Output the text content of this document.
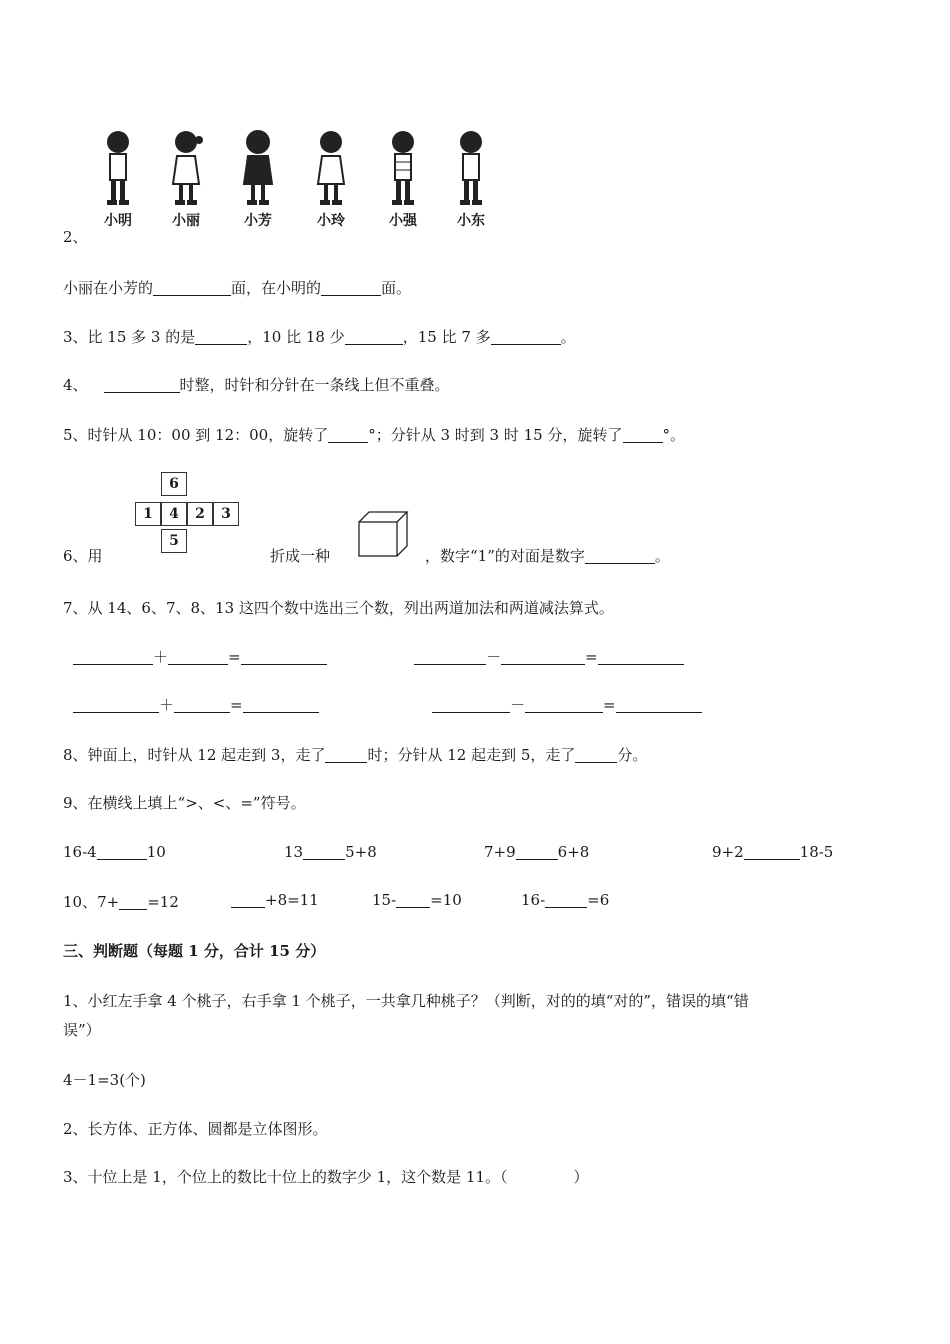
小明	小丽	小芳	小玲	小强	小东
2、
小丽在小芳的	面，在小明的	面。
3、比 15 多 3 的是	，10 比 18 少	，15 比 7 多	。
4、	时整，时针和分针在一条线上但不重叠。
5、时针从 10：00 到 12：00，旋转了	°；分针从 3 时到 3 时 15 分，旋转了	°。
6
1	4	2	3
5
6、用	折成一种	，数字“1”的对面是数字	。
7、从 14、6、7、8、13 这四个数中选出三个数，列出两道加法和两道减法算式。
＋	=	－	=
＋	=	－	=
8、钟面上，时针从 12 起走到 3，走了	时；分针从 12 起走到 5，走了	分。
9、在横线上填上“>、<、=”符号。
16-4	10	13	5+8	7+9	6+8	9+2	18-5
10、7+ =12	+8=11	15- =10	16-	=6
三、判断题（每题 1 分，合计 15 分）
1、小红左手拿 4 个桃子，右手拿 1 个桃子，一共拿几种桃子？（判断，对的的填“对的”，错误的填“错
误”）
4－1=3(个)
2、长方体、正方体、圆都是立体图形。
3、十位上是 1，个位上的数比十位上的数字少 1，这个数是 11。（	）
